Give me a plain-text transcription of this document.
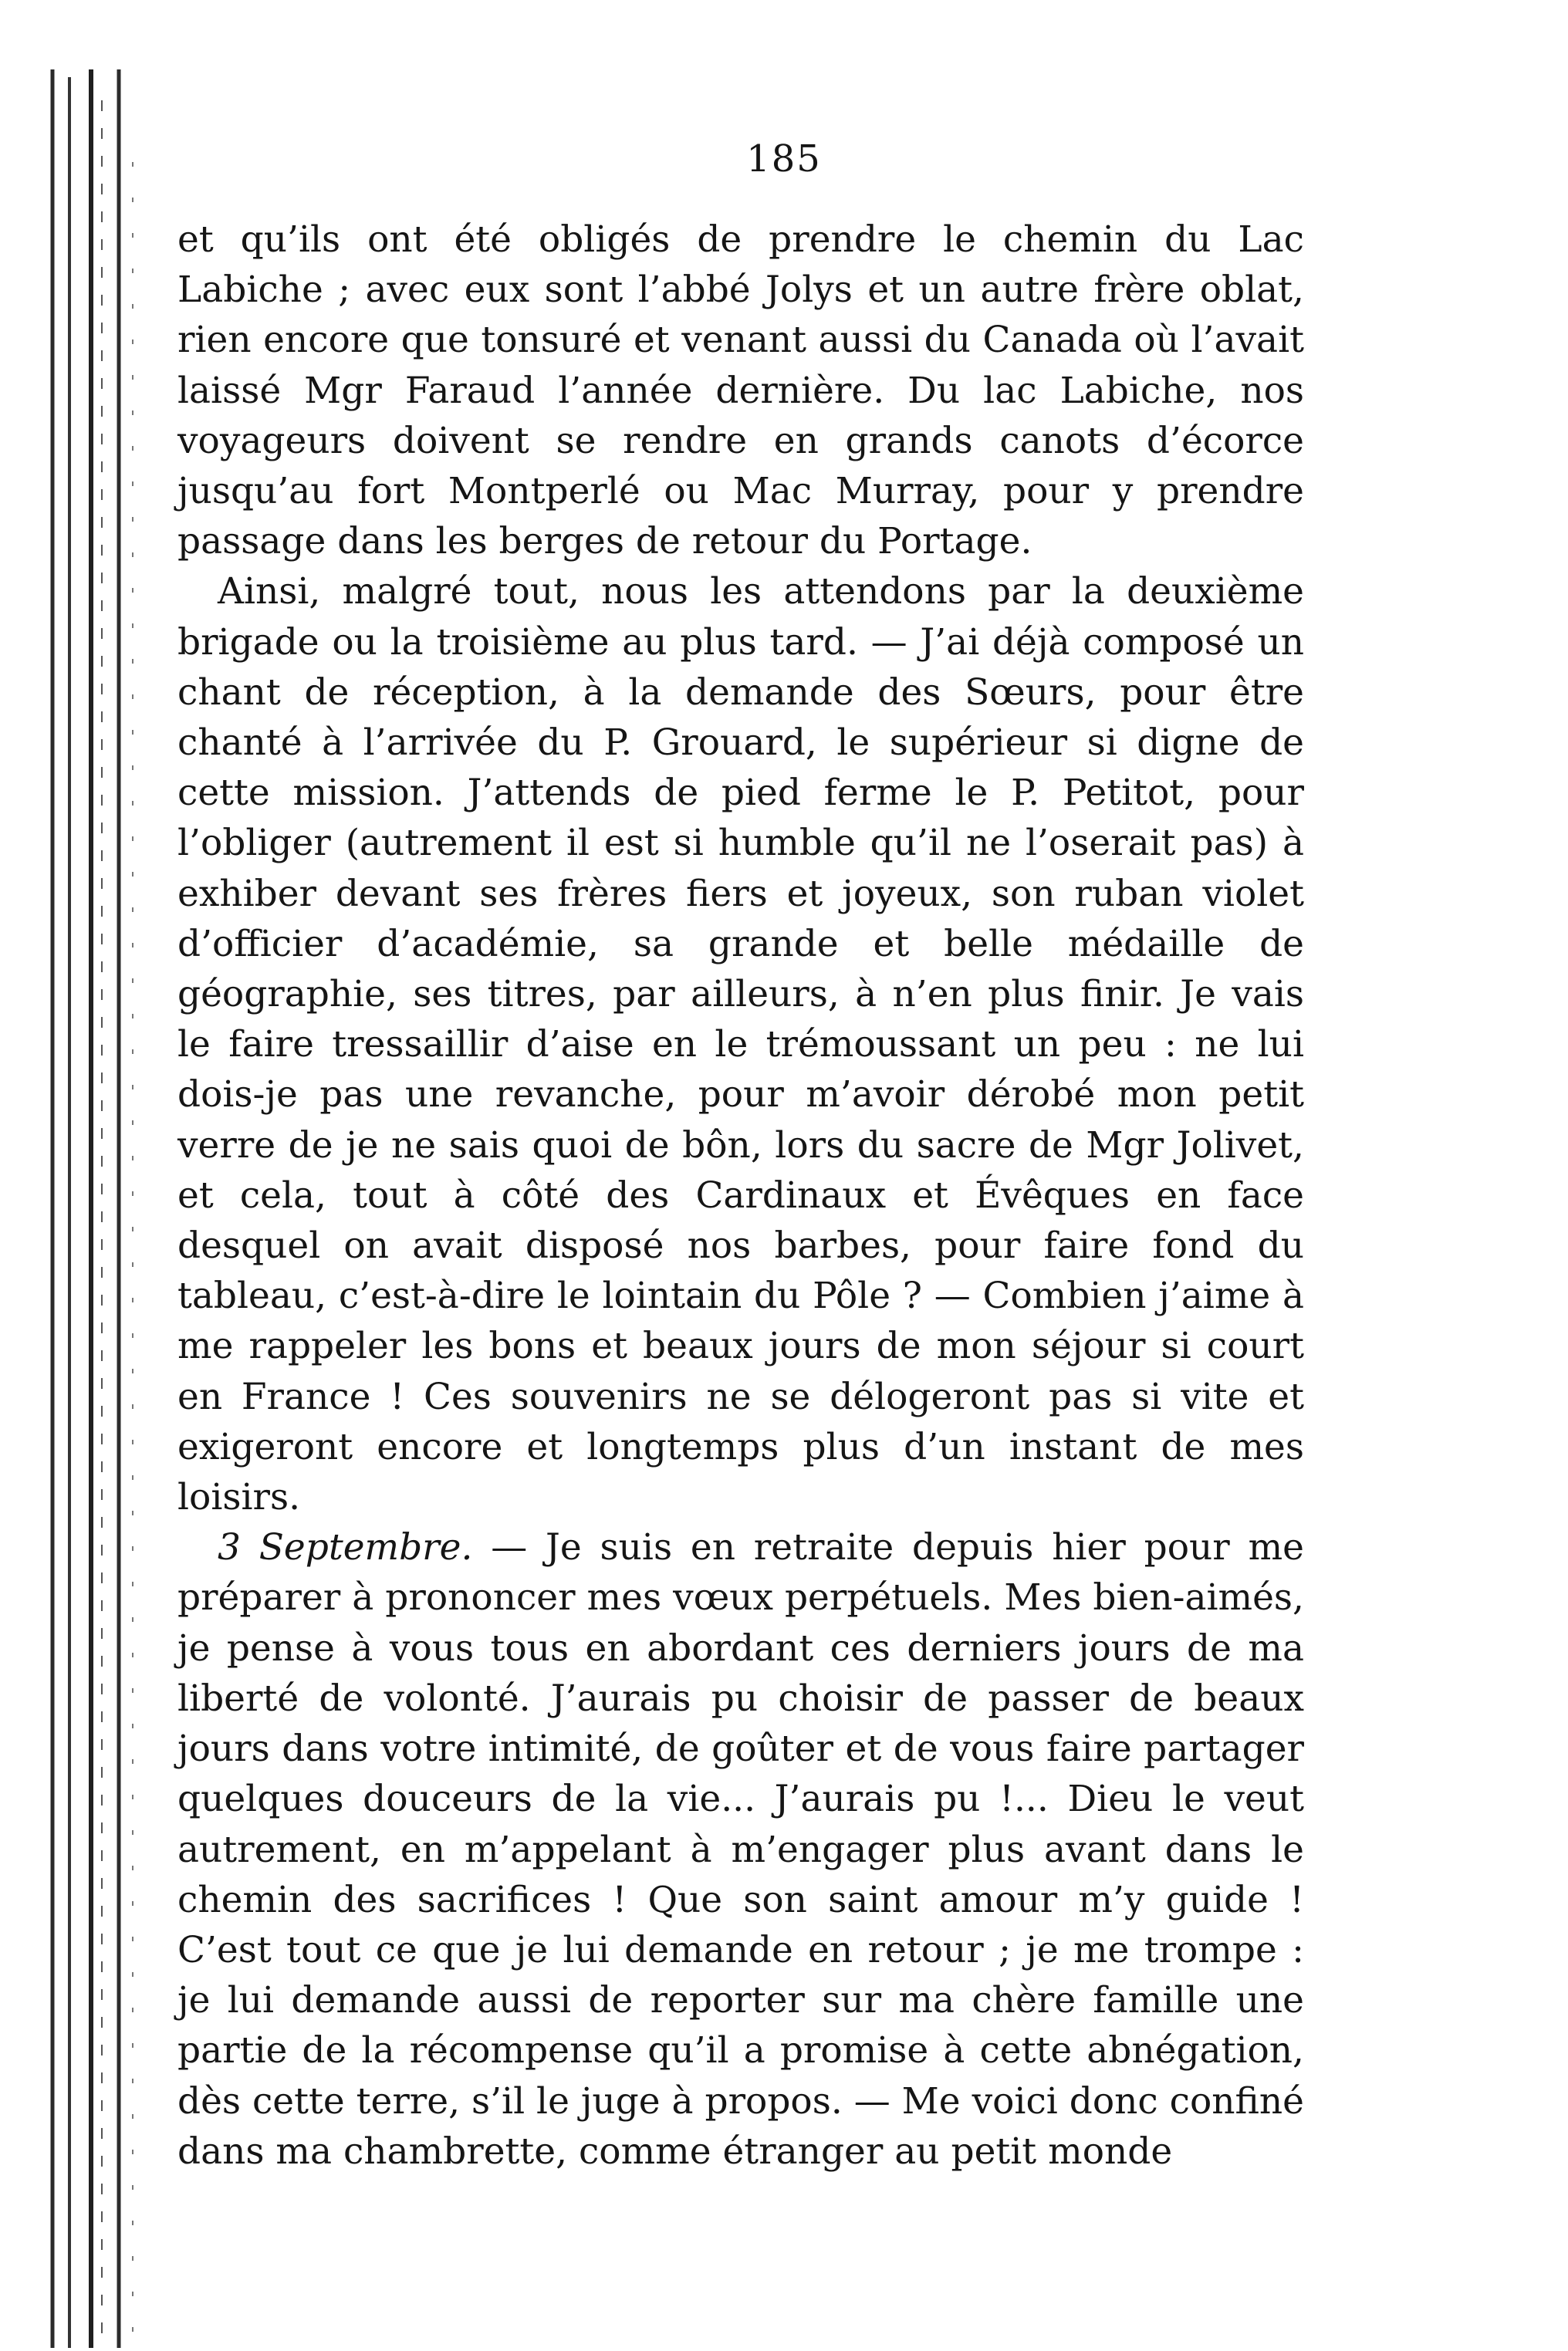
185

et qu’ils ont été obligés de prendre le chemin du Lac Labiche ; avec eux sont l’abbé Jolys et un autre frère oblat, rien encore que tonsuré et venant aussi du Canada où l’avait laissé Mgr Faraud l’année dernière. Du lac Labiche, nos voyageurs doivent se rendre en grands canots d’écorce jusqu’au fort Montperlé ou Mac Murray, pour y prendre passage dans les berges de retour du Portage.

Ainsi, malgré tout, nous les attendons par la deuxième brigade ou la troisième au plus tard. — J’ai déjà composé un chant de réception, à la demande des Sœurs, pour être chanté à l’arrivée du P. Grouard, le supérieur si digne de cette mission. J’attends de pied ferme le P. Petitot, pour l’obliger (autrement il est si humble qu’il ne l’oserait pas) à exhiber devant ses frères fiers et joyeux, son ruban violet d’officier d’académie, sa grande et belle médaille de géographie, ses titres, par ailleurs, à n’en plus finir. Je vais le faire tressaillir d’aise en le trémoussant un peu : ne lui dois-je pas une revanche, pour m’avoir dérobé mon petit verre de je ne sais quoi de bôn, lors du sacre de Mgr Jolivet, et cela, tout à côté des Cardinaux et Évêques en face desquel on avait disposé nos barbes, pour faire fond du tableau, c’est-à-dire le lointain du Pôle ? — Combien j’aime à me rappeler les bons et beaux jours de mon séjour si court en France ! Ces souvenirs ne se délogeront pas si vite et exigeront encore et longtemps plus d’un instant de mes loisirs.

3 Septembre. — Je suis en retraite depuis hier pour me préparer à prononcer mes vœux perpétuels. Mes bien-aimés, je pense à vous tous en abordant ces derniers jours de ma liberté de volonté. J’aurais pu choisir de passer de beaux jours dans votre intimité, de goûter et de vous faire partager quelques douceurs de la vie... J’aurais pu !... Dieu le veut autrement, en m’appelant à m’engager plus avant dans le chemin des sacrifices ! Que son saint amour m’y guide ! C’est tout ce que je lui demande en retour ; je me trompe : je lui demande aussi de reporter sur ma chère famille une partie de la récompense qu’il a promise à cette abnégation, dès cette terre, s’il le juge à propos. — Me voici donc confiné dans ma chambrette, comme étranger au petit monde
